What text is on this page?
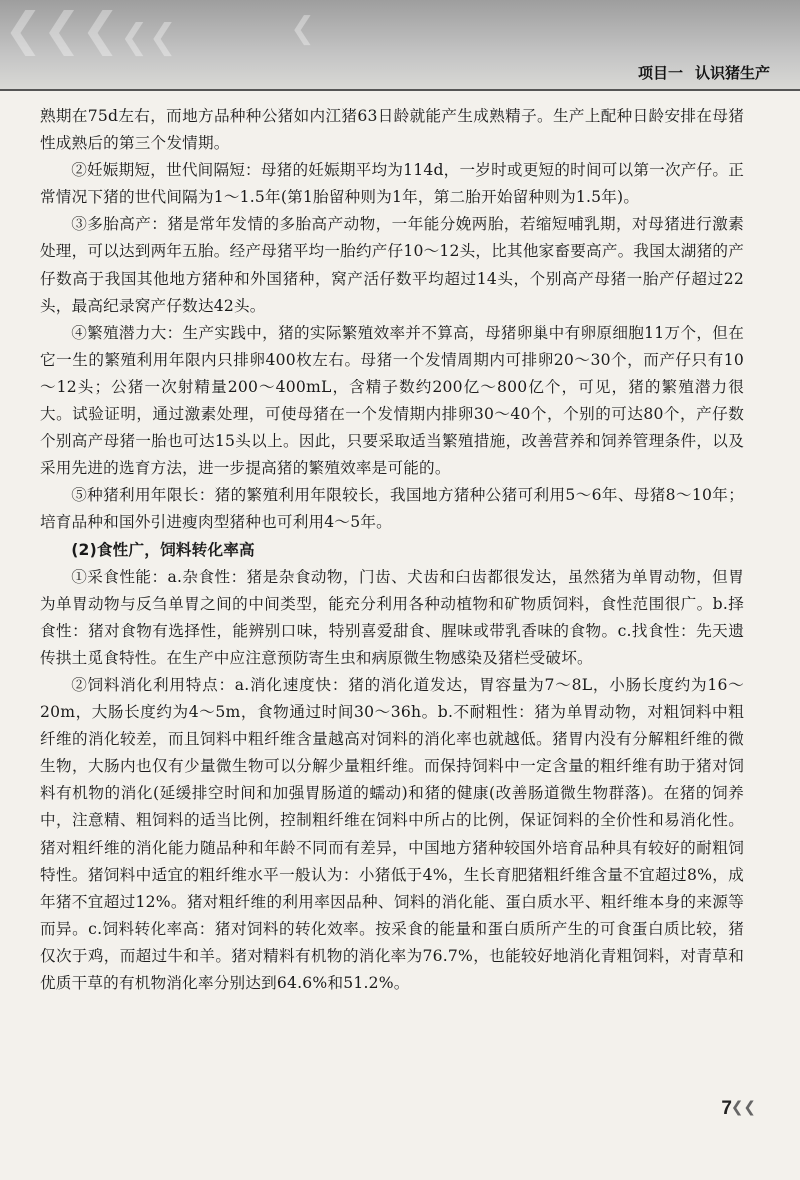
❮❮❮ ❮❮	❮
项目一 认识猪生产

熟期在75d左右，而地方品种种公猪如内江猪63日龄就能产生成熟精子。生产上配种日龄安排在母猪性成熟后的第三个发情期。

②妊娠期短，世代间隔短：母猪的妊娠期平均为114d，一岁时或更短的时间可以第一次产仔。正常情况下猪的世代间隔为1～1.5年(第1胎留种则为1年，第二胎开始留种则为1.5年)。

③多胎高产：猪是常年发情的多胎高产动物，一年能分娩两胎，若缩短哺乳期，对母猪进行激素处理，可以达到两年五胎。经产母猪平均一胎约产仔10～12头，比其他家畜要高产。我国太湖猪的产仔数高于我国其他地方猪种和外国猪种，窝产活仔数平均超过14头，个别高产母猪一胎产仔超过22头，最高纪录窝产仔数达42头。

④繁殖潜力大：生产实践中，猪的实际繁殖效率并不算高，母猪卵巢中有卵原细胞11万个，但在它一生的繁殖利用年限内只排卵400枚左右。母猪一个发情周期内可排卵20～30个，而产仔只有10～12头；公猪一次射精量200～400mL，含精子数约200亿～800亿个，可见，猪的繁殖潜力很大。试验证明，通过激素处理，可使母猪在一个发情期内排卵30～40个，个别的可达80个，产仔数个别高产母猪一胎也可达15头以上。因此，只要采取适当繁殖措施，改善营养和饲养管理条件，以及采用先进的选育方法，进一步提高猪的繁殖效率是可能的。

⑤种猪利用年限长：猪的繁殖利用年限较长，我国地方猪种公猪可利用5～6年、母猪8～10年；培育品种和国外引进瘦肉型猪种也可利用4～5年。

(2)食性广，饲料转化率高

①采食性能：a.杂食性：猪是杂食动物，门齿、犬齿和臼齿都很发达，虽然猪为单胃动物，但胃为单胃动物与反刍单胃之间的中间类型，能充分利用各种动植物和矿物质饲料，食性范围很广。b.择食性：猪对食物有选择性，能辨别口味，特别喜爱甜食、腥味或带乳香味的食物。c.找食性：先天遗传拱土觅食特性。在生产中应注意预防寄生虫和病原微生物感染及猪栏受破坏。

②饲料消化利用特点：a.消化速度快：猪的消化道发达，胃容量为7～8L，小肠长度约为16～20m，大肠长度约为4～5m，食物通过时间30～36h。b.不耐粗性：猪为单胃动物，对粗饲料中粗纤维的消化较差，而且饲料中粗纤维含量越高对饲料的消化率也就越低。猪胃内没有分解粗纤维的微生物，大肠内也仅有少量微生物可以分解少量粗纤维。而保持饲料中一定含量的粗纤维有助于猪对饲料有机物的消化(延缓排空时间和加强胃肠道的蠕动)和猪的健康(改善肠道微生物群落)。在猪的饲养中，注意精、粗饲料的适当比例，控制粗纤维在饲料中所占的比例，保证饲料的全价性和易消化性。猪对粗纤维的消化能力随品种和年龄不同而有差异，中国地方猪种较国外培育品种具有较好的耐粗饲特性。猪饲料中适宜的粗纤维水平一般认为：小猪低于4%，生长育肥猪粗纤维含量不宜超过8%，成年猪不宜超过12%。猪对粗纤维的利用率因品种、饲料的消化能、蛋白质水平、粗纤维本身的来源等而异。c.饲料转化率高：猪对饲料的转化效率。按采食的能量和蛋白质所产生的可食蛋白质比较，猪仅次于鸡，而超过牛和羊。猪对精料有机物的消化率为76.7%，也能较好地消化青粗饲料，对青草和优质干草的有机物消化率分别达到64.6%和51.2%。

7
❮❮
